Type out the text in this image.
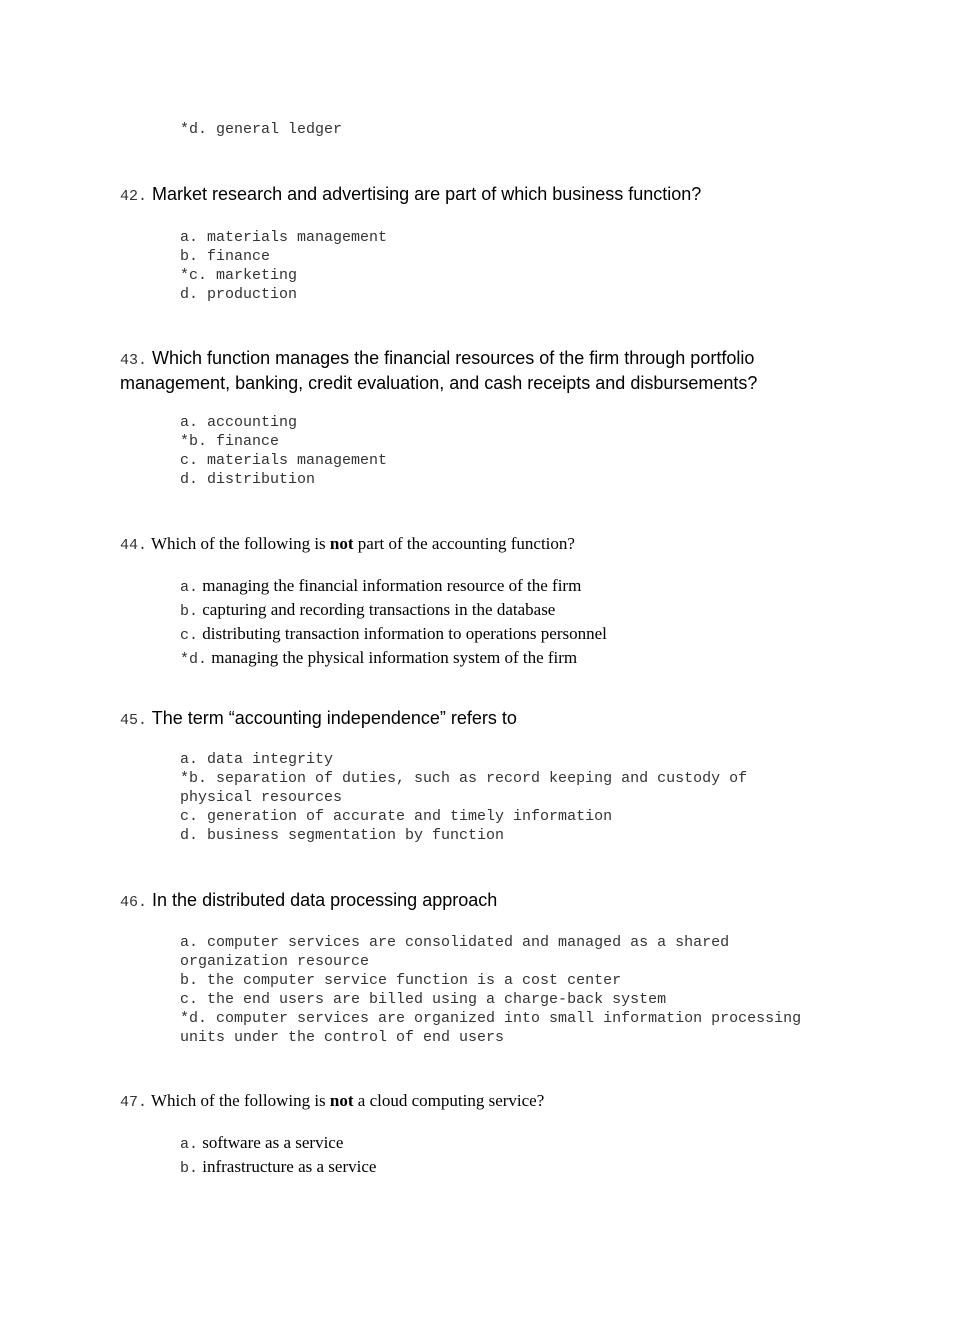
*d. general ledger
42. Market research and advertising are part of which business function?
a. materials management
b. finance
*c. marketing
d. production
43. Which function manages the financial resources of the firm through portfolio management, banking, credit evaluation, and cash receipts and disbursements?
a. accounting
*b. finance
c. materials management
d. distribution
44. Which of the following is not part of the accounting function?
a. managing the financial information resource of the firm
b. capturing and recording transactions in the database
c. distributing transaction information to operations personnel
*d. managing the physical information system of the firm
45. The term “accounting independence” refers to
a. data integrity
*b. separation of duties, such as record keeping and custody of physical resources
c. generation of accurate and timely information
d. business segmentation by function
46. In the distributed data processing approach
a. computer services are consolidated and managed as a shared organization resource
b. the computer service function is a cost center
c. the end users are billed using a charge-back system
*d. computer services are organized into small information processing units under the control of end users
47. Which of the following is not a cloud computing service?
a. software as a service
b. infrastructure as a service
